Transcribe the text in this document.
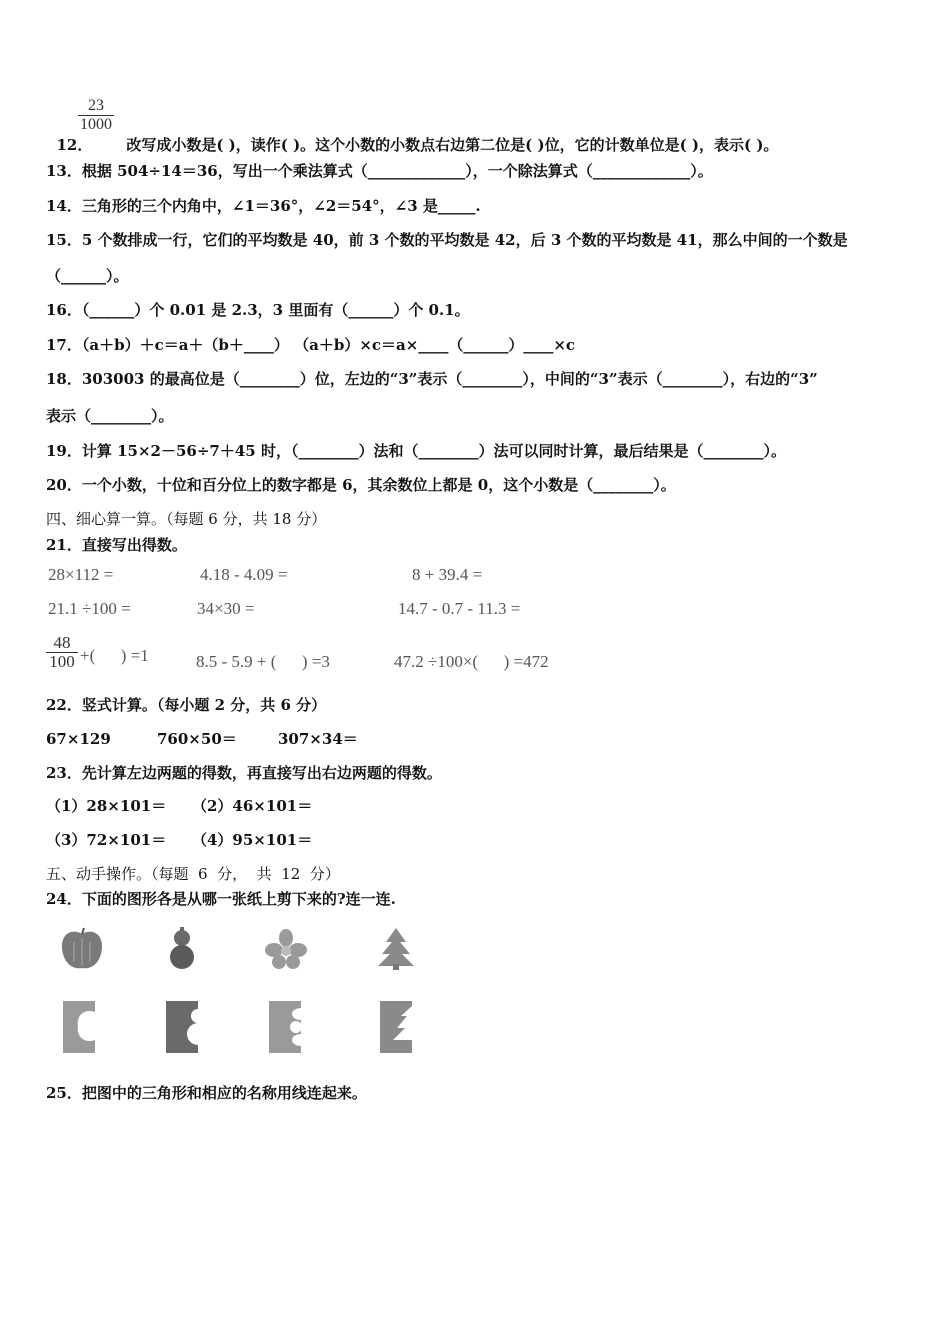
12． 改写成小数是( )，读作( )。这个小数的小数点右边第二位是( )位，它的计数单位是( )，表示( )。

$\frac{23}{1000}$
13．根据 504÷14＝36，写出一个乘法算式（_____________），一个除法算式（_____________）。
14．三角形的三个内角中，∠1＝36°，∠2＝54°，∠3 是_____.
15．5 个数排成一行，它们的平均数是 40，前 3 个数的平均数是 42，后 3 个数的平均数是 41，那么中间的一个数是
（______）。
16．（______）个 0.01 是 2.3，3 里面有（______）个 0.1。
17．（a＋b）＋c＝a＋（b＋____） （a＋b）×c＝a×____（______）____×c
18．303003 的最高位是（________）位，左边的“3”表示（________），中间的“3”表示（________），右边的“3”
表示（________）。
19．计算 15×2－56÷7＋45 时，（________）法和（________）法可以同时计算，最后结果是（________）。
20．一个小数，十位和百分位上的数字都是 6，其余数位上都是 0，这个小数是（________）。
四、细心算一算。（每题 6 分，共 18 分）
21．直接写出得数。
28×112 =	4.18 - 4.09 =	8 + 39.4 =
21.1 ÷100 =	34×30 =	14.7 - 0.7 - 11.3 =
$\frac{48}{100}$ +(      ) =1	8.5 - 5.9 + (      ) =3	47.2 ÷100×(      ) =472
22．竖式计算。（每小题 2 分，共 6 分）
67×129	760×50＝	307×34＝
23．先计算左边两题的得数，再直接写出右边两题的得数。
（1）28×101＝ （2）46×101＝
（3）72×101＝ （4）95×101＝
五、动手操作。（每题  6  分，  共  12  分）
24．下面的图形各是从哪一张纸上剪下来的?连一连.
25．把图中的三角形和相应的名称用线连起来。
